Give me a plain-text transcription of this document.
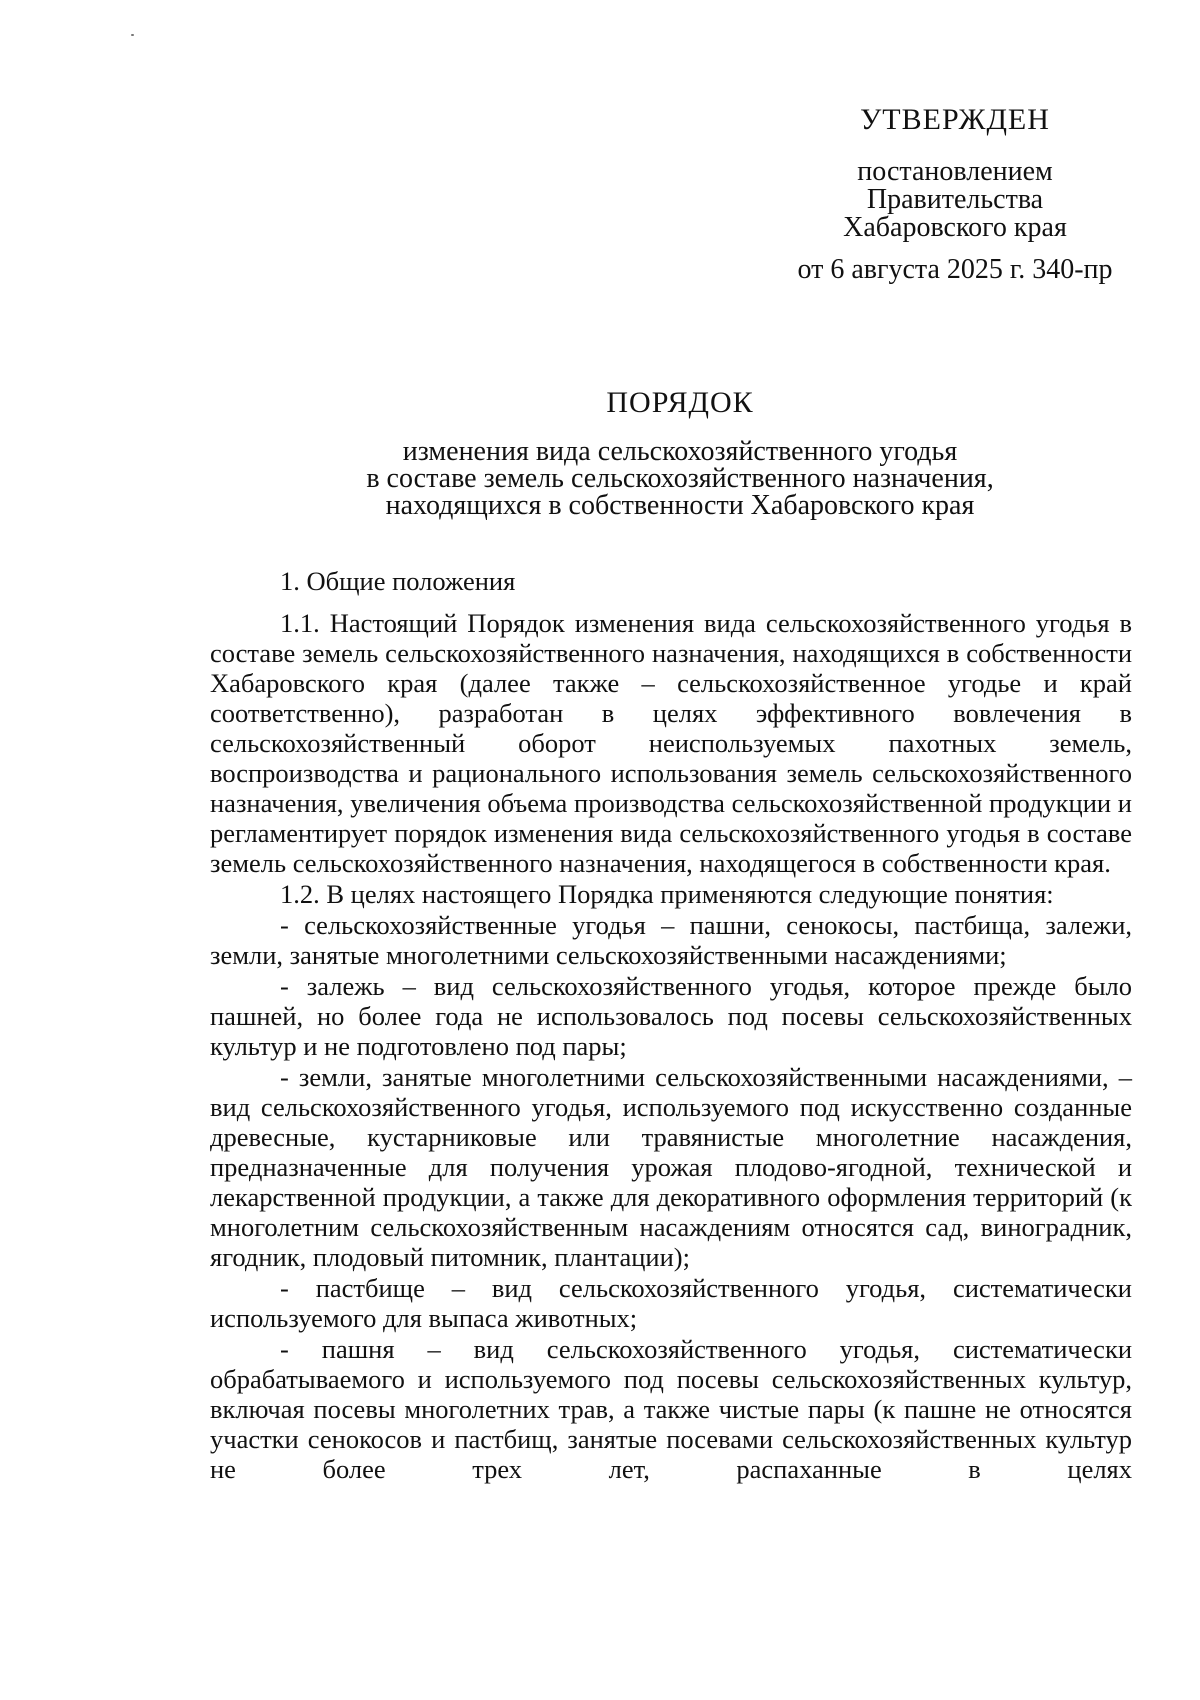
УТВЕРЖДЕН
постановлением
Правительства
Хабаровского края
от 6 августа 2025 г. 340-пр
ПОРЯДОК
изменения вида сельскохозяйственного угодья
в составе земель сельскохозяйственного назначения,
находящихся в собственности Хабаровского края

1. Общие положения

1.1. Настоящий Порядок изменения вида сельскохозяйственного угодья в составе земель сельскохозяйственного назначения, находящихся в собственности Хабаровского края (далее также – сельскохозяйственное угодье и край соответственно), разработан в целях эффективного вовлечения в сельскохозяйственный оборот неиспользуемых пахотных земель, воспроизводства и рационального использования земель сельскохозяйственного назначения, увеличения объема производства сельскохозяйственной продукции и регламентирует порядок изменения вида сельскохозяйственного угодья в составе земель сельскохозяйственного назначения, находящегося в собственности края.

1.2. В целях настоящего Порядка применяются следующие понятия:

- сельскохозяйственные угодья – пашни, сенокосы, пастбища, залежи, земли, занятые многолетними сельскохозяйственными насаждениями;

- залежь – вид сельскохозяйственного угодья, которое прежде было пашней, но более года не использовалось под посевы сельскохозяйственных культур и не подготовлено под пары;

- земли, занятые многолетними сельскохозяйственными насаждениями, – вид сельскохозяйственного угодья, используемого под искусственно созданные древесные, кустарниковые или травянистые многолетние насаждения, предназначенные для получения урожая плодово-ягодной, технической и лекарственной продукции, а также для декоративного оформления территорий (к многолетним сельскохозяйственным насаждениям относятся сад, виноградник, ягодник, плодовый питомник, плантации);

- пастбище – вид сельскохозяйственного угодья, систематически используемого для выпаса животных;

- пашня – вид сельскохозяйственного угодья, систематически обрабатываемого и используемого под посевы сельскохозяйственных культур, включая посевы многолетних трав, а также чистые пары (к пашне не относятся участки сенокосов и пастбищ, занятые посевами сельскохозяйственных культур не более трех лет, распаханные в целях
